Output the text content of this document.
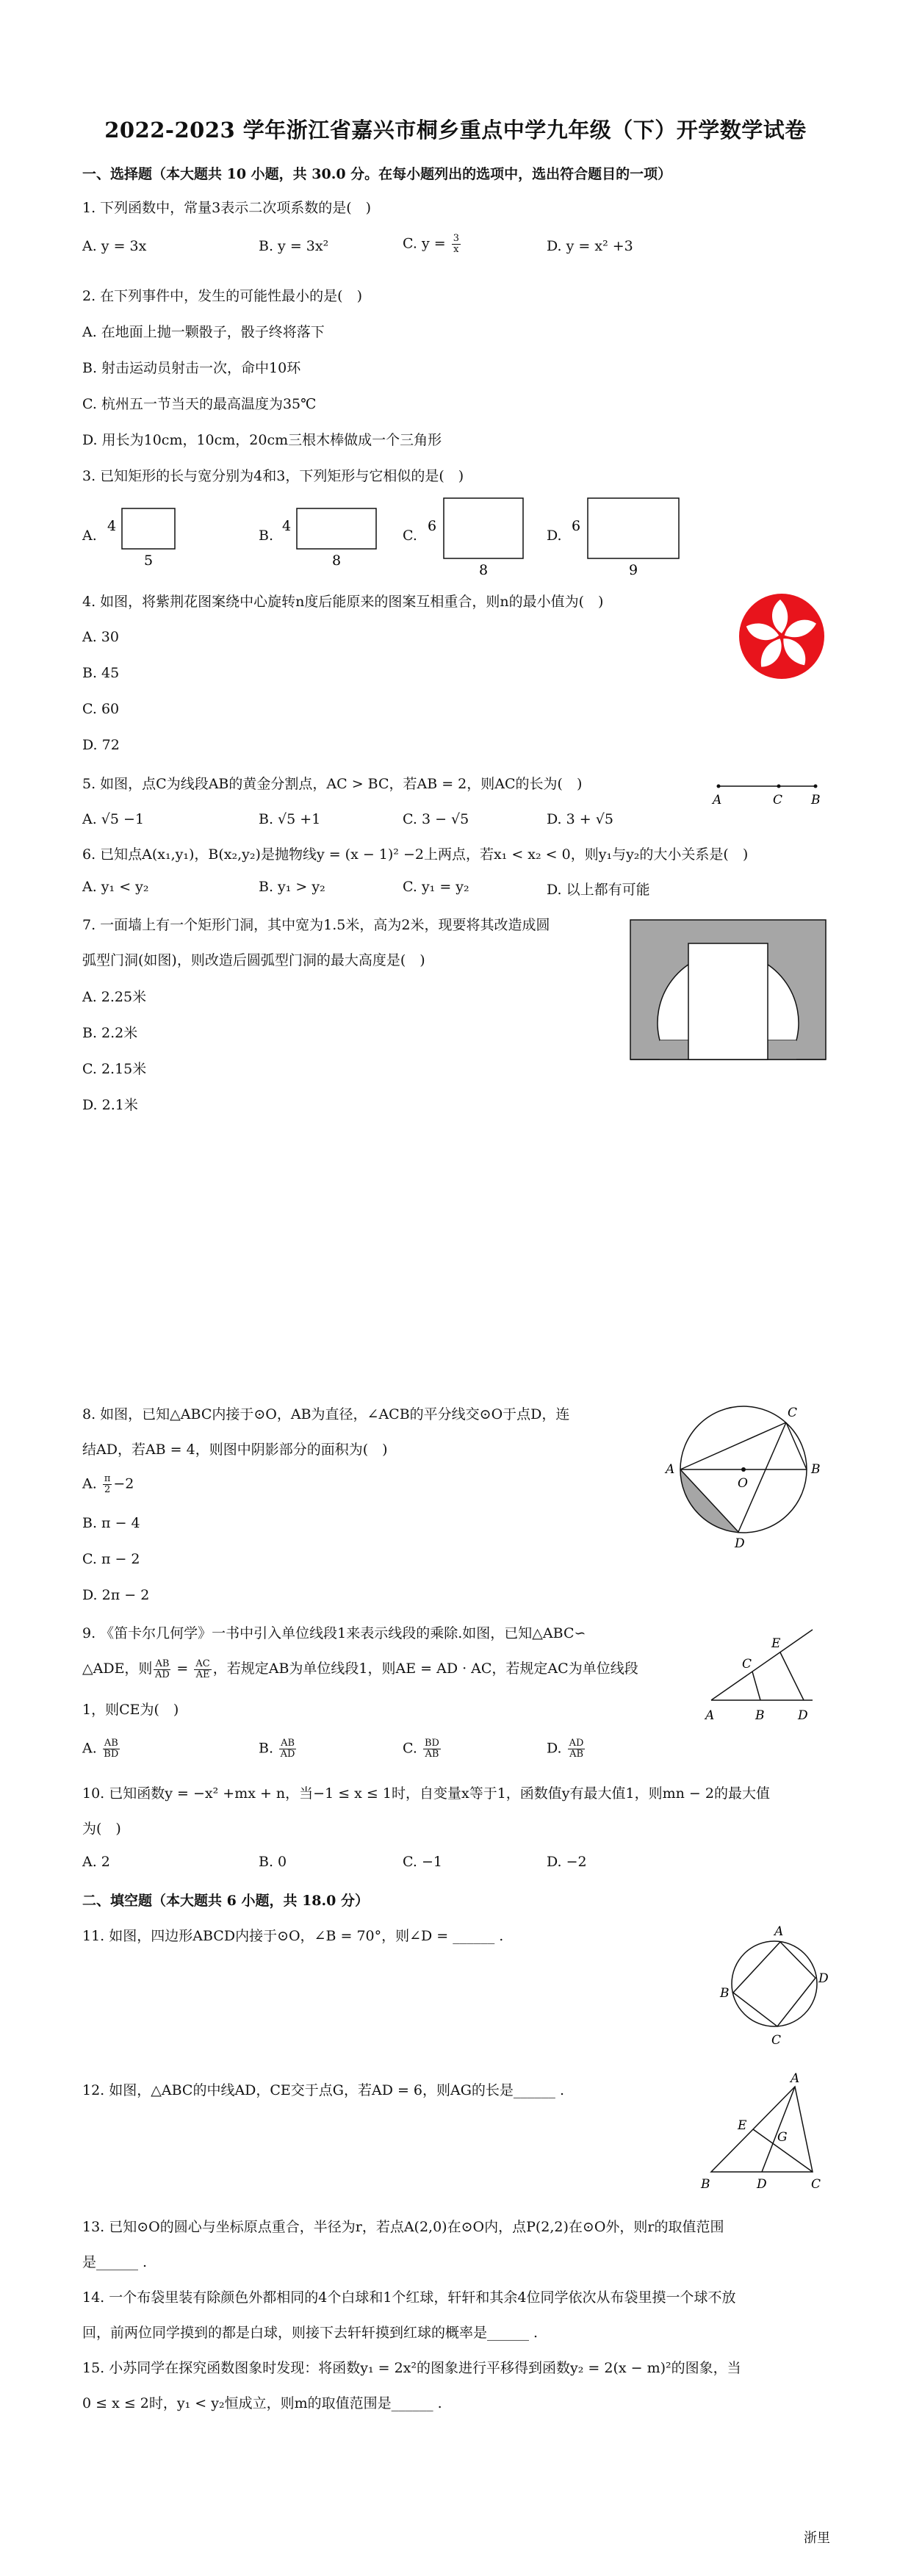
2022-2023 学年浙江省嘉兴市桐乡重点中学九年级（下）开学数学试卷
一、选择题（本大题共 10 小题，共 30.0 分。在每小题列出的选项中，选出符合题目的一项）
1. 下列函数中，常量3表示二次项系数的是(　)
A. y = 3x	B. y = 3x²	C. $y = \frac{3}{x}$	D. y = x² +3
2. 在下列事件中，发生的可能性最小的是(　)
A. 在地面上抛一颗骰子，骰子终将落下
B. 射击运动员射击一次，命中10环
C. 杭州五一节当天的最高温度为35℃
D. 用长为10cm，10cm，20cm三根木棒做成一个三角形
3. 已知矩形的长与宽分别为4和3，下列矩形与它相似的是(　)
A.	B.	C.	D.
4
5
4
8
6
8
6
9
4. 如图，将紫荆花图案绕中心旋转n度后能原来的图案互相重合，则n的最小值为(　)
A. 30
B. 45
C. 60
D. 72
5. 如图，点C为线段AB的黄金分割点，AC > BC，若AB = 2，则AC的长为(　)
A. √5 −1	B. √5 +1	C. 3 − √5	D. 3 + √5
A	C B
6. 已知点A(x₁,y₁)，B(x₂,y₂)是抛物线y = (x − 1)² −2上两点，若x₁ < x₂ < 0，则y₁与y₂的大小关系是(　)
A. y₁ < y₂	B. y₁ > y₂	C. y₁ = y₂	D. 以上都有可能
7. 一面墙上有一个矩形门洞，其中宽为1.5米，高为2米，现要将其改造成圆
弧型门洞(如图)，则改造后圆弧型门洞的最大高度是(　)
A. 2.25米
B. 2.2米
C. 2.15米
D. 2.1米
8. 如图，已知△ABC内接于⊙O，AB为直径，∠ACB的平分线交⊙O于点D，连
结AD，若AB = 4，则图中阴影部分的面积为(　)
A. $\frac{\pi}{2} -2$
B. π − 4
C. π − 2
D. 2π − 2
A	B
C
D
O
9. 《笛卡尔几何学》一书中引入单位线段1来表示线段的乘除.如图，已知△ABC∽
△ADE，则 $\frac{AB}{AD} = \frac{AC}{AE}$ ，若规定AB为单位线段1，则AE = AD · AC，若规定AC为单位线段
1，则CE为(　)
A. $\frac{AB}{BD}$	B. $\frac{AB}{AD}$	C. $\frac{BD}{AB}$	D. $\frac{AD}{AB}$
A	B
C
D
E
10. 已知函数y = −x² +mx + n，当−1 ≤ x ≤ 1时，自变量x等于1，函数值y有最大值1，则mn − 2的最大值
为(　)
A. 2	B. 0	C. −1	D. −2
二、填空题（本大题共 6 小题，共 18.0 分）
11. 如图，四边形ABCD内接于⊙O，∠B = 70°，则∠D = ______ .	A
B
C
D
12. 如图，△ABC的中线AD，CE交于点G，若AD = 6，则AG的长是______ .
A
B	C
D
E
G
13. 已知⊙O的圆心与坐标原点重合，半径为r，若点A(2,0)在⊙O内，点P(2,2)在⊙O外，则r的取值范围
是______ .
14. 一个布袋里装有除颜色外都相同的4个白球和1个红球，轩轩和其余4位同学依次从布袋里摸一个球不放
回，前两位同学摸到的都是白球，则接下去轩轩摸到红球的概率是______ .
15. 小苏同学在探究函数图象时发现：将函数y₁ = 2x²的图象进行平移得到函数y₂ = 2(x − m)²的图象，当
0 ≤ x ≤ 2时，y₁ < y₂恒成立，则m的取值范围是______ .
浙里
